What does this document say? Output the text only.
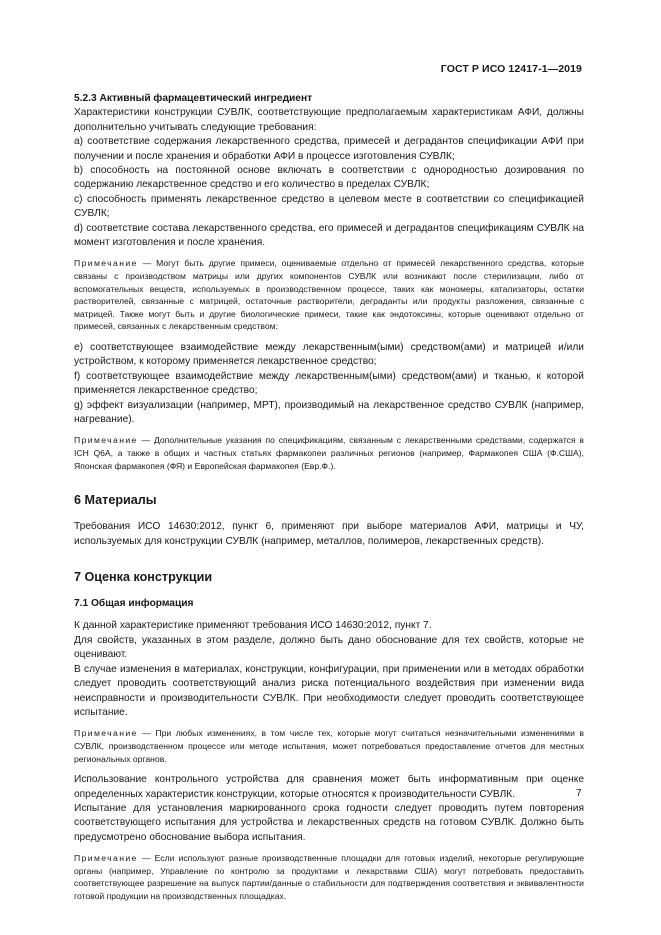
ГОСТ Р ИСО 12417-1—2019

5.2.3 Активный фармацевтический ингредиент

Характеристики конструкции СУВЛК, соответствующие предполагаемым характеристикам АФИ, должны дополнительно учитывать следующие требования:

а) соответствие содержания лекарственного средства, примесей и деградантов спецификации АФИ при получении и после хранения и обработки АФИ в процессе изготовления СУВЛК;

b) способность на постоянной основе включать в соответствии с однородностью дозирования по содержанию лекарственное средство и его количество в пределах СУВЛК;

c) способность применять лекарственное средство в целевом месте в соответствии со спецификацией СУВЛК;

d) соответствие состава лекарственного средства, его примесей и деградантов спецификациям СУВЛК на момент изготовления и после хранения.

Примечание — Могут быть другие примеси, оцениваемые отдельно от примесей лекарственного средства, которые связаны с производством матрицы или других компонентов СУВЛК или возникают после стерилизации, либо от вспомогательных веществ, используемых в производственном процессе, таких как мономеры, катализаторы, остатки растворителей, связанные с матрицей, остаточные растворители, деграданты или продукты разложения, связанные с матрицей. Также могут быть и другие биологические примеси, такие как эндотоксины, которые оценивают отдельно от примесей, связанных с лекарственным средством;

е) соответствующее взаимодействие между лекарственным(ыми) средством(ами) и матрицей и/или устройством, к которому применяется лекарственное средство;

f) соответствующее взаимодействие между лекарственным(ыми) средством(ами) и тканью, к которой применяется лекарственное средство;

g) эффект визуализации (например, МРТ), производимый на лекарственное средство СУВЛК (например, нагревание).

Примечание — Дополнительные указания по спецификациям, связанным с лекарственными средствами, содержатся в ICH Q6A, а также в общих и частных статьях фармакопеи различных регионов (например, Фармакопея США (Ф.США), Японская фармакопея (ФЯ) и Европейская фармакопея (Евр.Ф.).
6 Материалы

Требования ИСО 14630:2012, пункт 6, применяют при выборе материалов АФИ, матрицы и ЧУ, используемых для конструкции СУВЛК (например, металлов, полимеров, лекарственных средств).

7 Оценка конструкции
7.1 Общая информация

К данной характеристике применяют требования ИСО 14630:2012, пункт 7.

Для свойств, указанных в этом разделе, должно быть дано обоснование для тех свойств, которые не оценивают.

В случае изменения в материалах, конструкции, конфигурации, при применении или в методах обработки следует проводить соответствующий анализ риска потенциального воздействия при изменении вида неисправности и производительности СУВЛК. При необходимости следует проводить соответствующее испытание.

Примечание — При любых изменениях, в том числе тех, которые могут считаться незначительными изменениями в СУВЛК, производственном процессе или методе испытания, может потребоваться предоставление отчетов для местных региональных органов.

Использование контрольного устройства для сравнения может быть информативным при оценке определенных характеристик конструкции, которые относятся к производительности СУВЛК.

Испытание для установления маркированного срока годности следует проводить путем повторения соответствующего испытания для устройства и лекарственных средств на готовом СУВЛК. Должно быть предусмотрено обоснование выбора испытания.

Примечание — Если используют разные производственные площадки для готовых изделий, некоторые регулирующие органы (например, Управление по контролю за продуктами и лекарствами США) могут потребовать предоставить соответствующее разрешение на выпуск партии/данные о стабильности для подтверждения соответствия и эквивалентности готовой продукции на производственных площадках.
7
